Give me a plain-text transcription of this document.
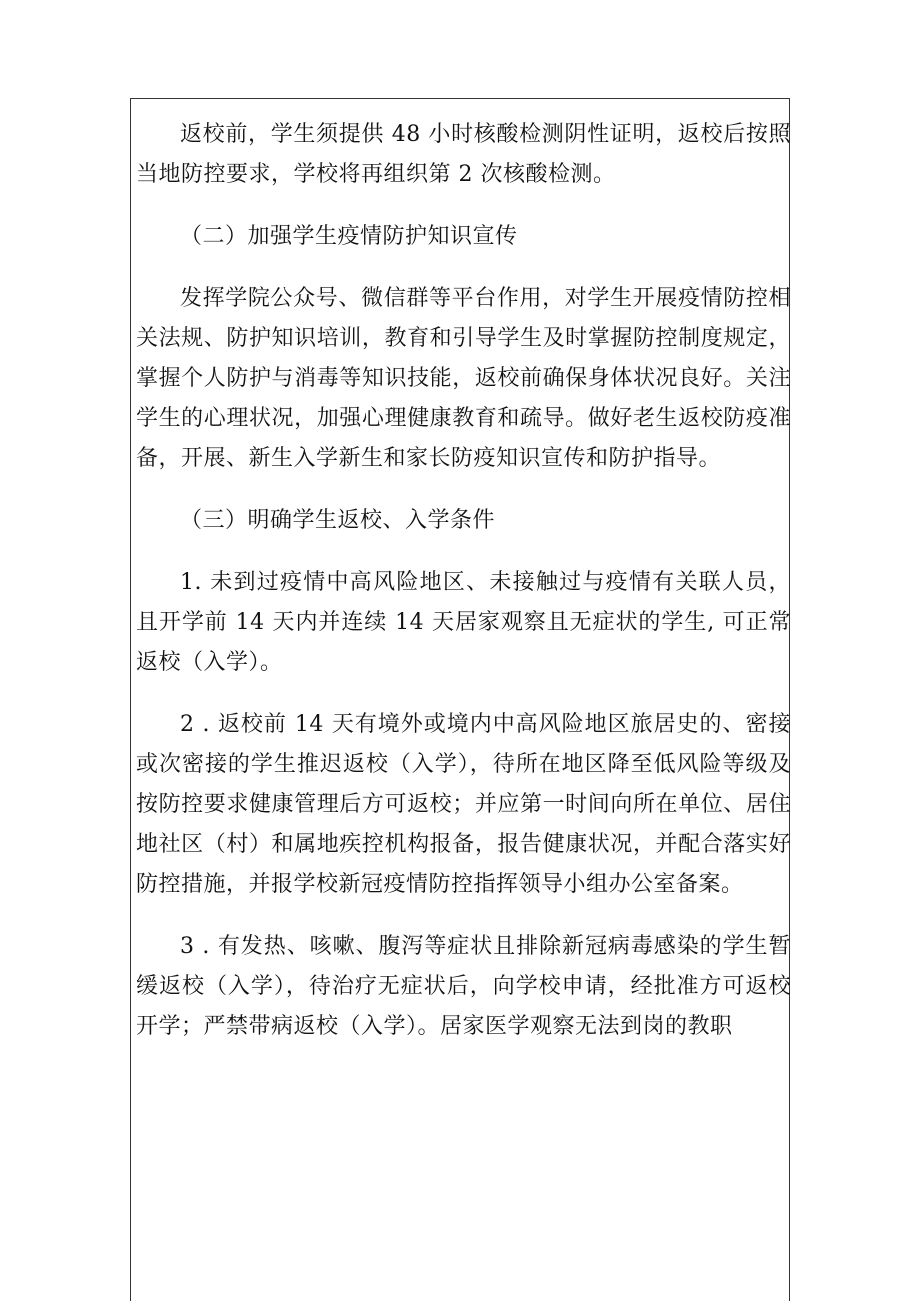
返校前，学生须提供 48 小时核酸检测阴性证明，返校后按照当地防控要求，学校将再组织第 2 次核酸检测。

（二）加强学生疫情防护知识宣传

发挥学院公众号、微信群等平台作用，对学生开展疫情防控相关法规、防护知识培训，教育和引导学生及时掌握防控制度规定，掌握个人防护与消毒等知识技能，返校前确保身体状况良好。关注学生的心理状况，加强心理健康教育和疏导。做好老生返校防疫准备，开展、新生入学新生和家长防疫知识宣传和防护指导。

（三）明确学生返校、入学条件

1. 未到过疫情中高风险地区、未接触过与疫情有关联人员，且开学前 14 天内并连续 14 天居家观察且无症状的学生, 可正常返校（入学）。

2 . 返校前 14 天有境外或境内中高风险地区旅居史的、密接或次密接的学生推迟返校（入学），待所在地区降至低风险等级及按防控要求健康管理后方可返校；并应第一时间向所在单位、居住地社区（村）和属地疾控机构报备，报告健康状况，并配合落实好防控措施，并报学校新冠疫情防控指挥领导小组办公室备案。

3 . 有发热、咳嗽、腹泻等症状且排除新冠病毒感染的学生暂缓返校（入学），待治疗无症状后，向学校申请，经批准方可返校开学；严禁带病返校（入学）。居家医学观察无法到岗的教职
